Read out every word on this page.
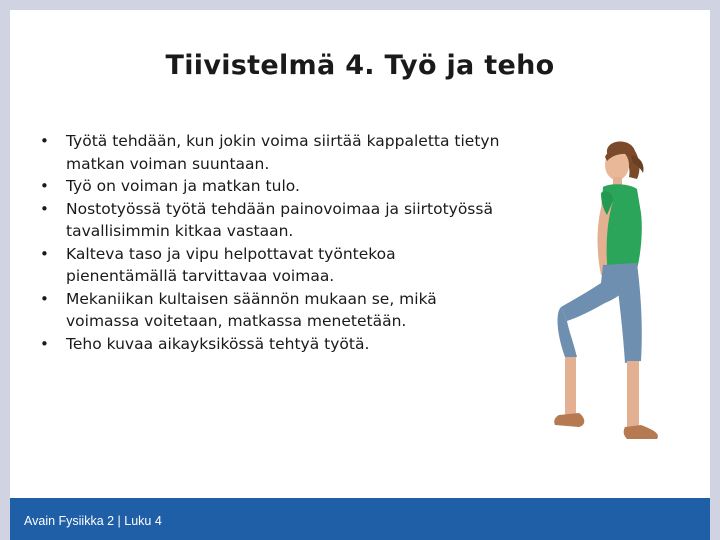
Tiivistelmä 4. Työ ja teho
• Työtä tehdään, kun jokin voima siirtää kappaletta tietyn matkan voiman suuntaan.
• Työ on voiman ja matkan tulo.
• Nostotyössä työtä tehdään painovoimaa ja siirtotyössä tavallisimmin kitkaa vastaan.
• Kalteva taso ja vipu helpottavat työntekoa pienentämällä tarvittavaa voimaa.
• Mekaniikan kultaisen säännön mukaan se, mikä voimassa voitetaan, matkassa menetetään.
• Teho kuvaa aikayksikössä tehtyä työtä.
Avain Fysiikka 2 | Luku 4
